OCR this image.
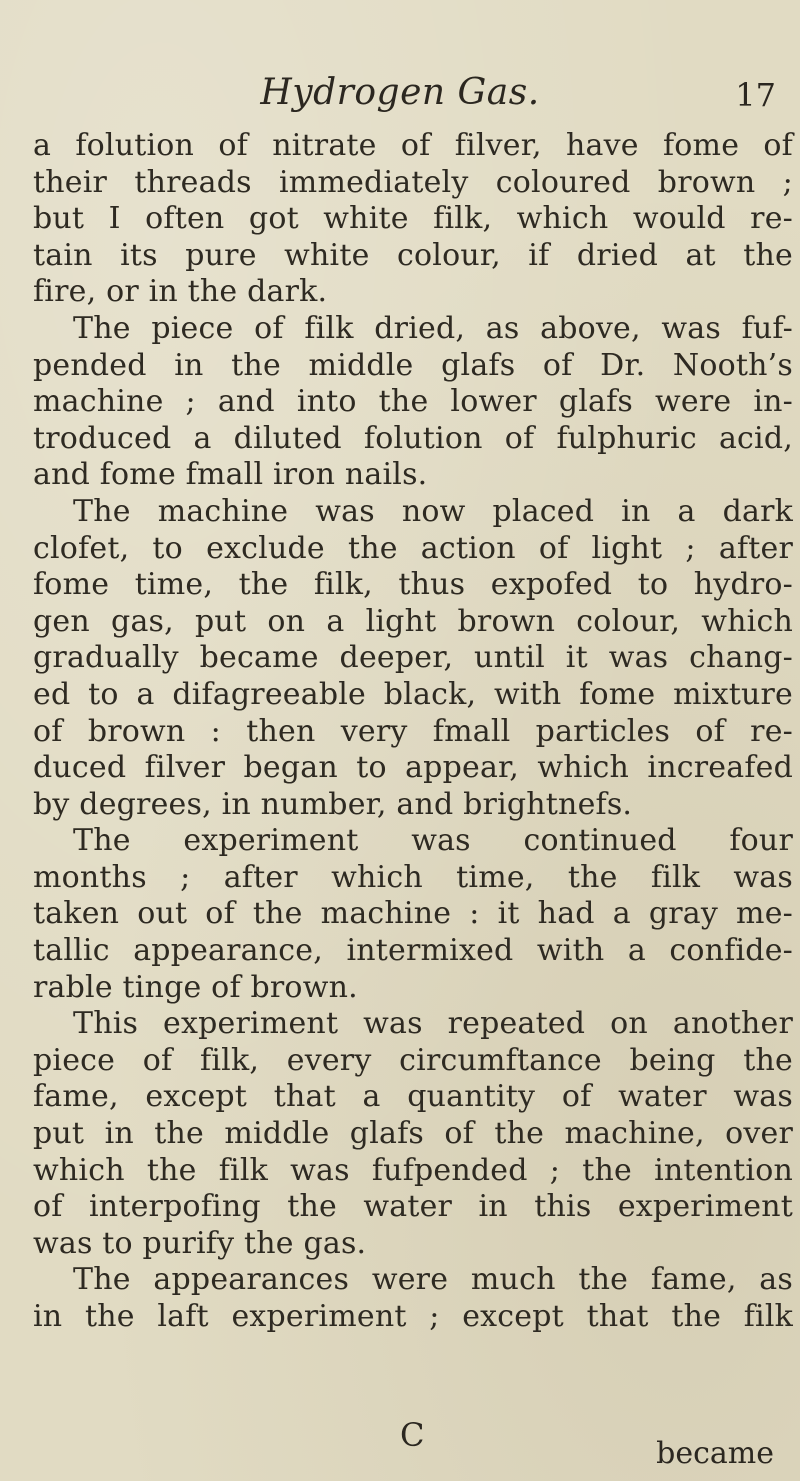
Hydrogen Gas.	17
a folution of nitrate of filver, have fome of
their threads immediately coloured brown ;
but I often got white filk, which would re-
tain its pure white colour, if dried at the
fire, or in the dark.
The piece of filk dried, as above, was fuf-
pended in the middle glafs of Dr. Nooth’s
machine ; and into the lower glafs were in-
troduced a diluted folution of fulphuric acid,
and fome fmall iron nails.
The machine was now placed in a dark
clofet, to exclude the action of light ; after
fome time, the filk, thus expofed to hydro-
gen gas, put on a light brown colour, which
gradually became deeper, until it was chang-
ed to a difagreeable black, with fome mixture
of brown : then very fmall particles of re-
duced filver began to appear, which increafed
by degrees, in number, and brightnefs.
The experiment was continued four
months ; after which time, the filk was
taken out of the machine : it had a gray me-
tallic appearance, intermixed with a confide-
rable tinge of brown.
This experiment was repeated on another
piece of filk, every circumftance being the
fame, except that a quantity of water was
put in the middle glafs of the machine, over
which the filk was fufpended ; the intention
of interpofing the water in this experiment
was to purify the gas.
The appearances were much the fame, as
in the laft experiment ; except that the filk
C	became
